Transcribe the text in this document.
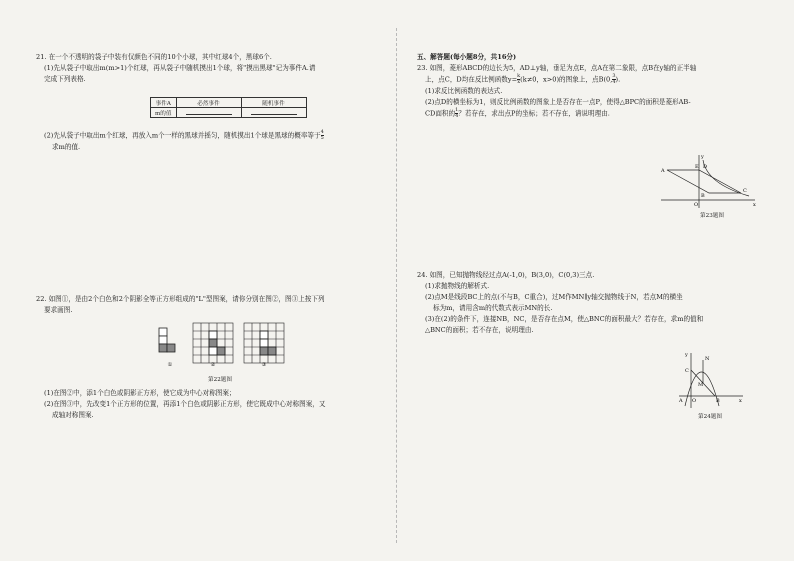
21. 在一个不透明的袋子中装有仅颜色不同的10个小球，其中红球4个，黑球6个.

(1)先从袋子中取出m(m>1)个红球，再从袋子中随机摸出1个球，将"摸出黑球"记为事件A.请

完成下列表格.

事件A	必然事件	随机事件
m的值		

(2)先从袋子中取出m个红球，再放入m个一样的黑球并摇匀，随机摸出1个球是黑球的概率等于 $\frac{4}{5}$

求m的值.

22. 如图①，是由2个白色和2个阴影全等正方形组成的"L"型图案，请你分别在图②，图③上按下列

要求画图.

①	②	③
第22题图

(1)在图②中，添1个白色或阴影正方形，使它成为中心对称图案；

(2)在图③中，先改变1个正方形的位置，再添1个白色或阴影正方形，使它既成中心对称图案，又

成轴对称图案.

五、解答题(每小题8分，共16分)

23. 如图，菱形ABCD的边长为5，AD⊥y轴，垂足为点E，点A在第二象限，点B在y轴的正半轴

上，点C，D均在反比例函数$y= \frac{k}{x} (k\ne 0$，x>0)的图象上，点B(0, $\frac{3}{4}$ ).

(1)求反比例函数的表达式.

(2)点D的横坐标为1，则反比例函数的图象上是否存在一点P，使得△BPC的面积是菱形AB-

CD面积的 $\frac{1}{4}$ ？若存在，求出点P的坐标；若不存在，请说明理由.

x
y
A
E D
B
C
O
第23题图

24. 如图，已知抛物线经过点A(-1,0)，B(3,0)，C(0,3)三点.

(1)求抛物线的解析式.

(2)点M是线段BC上的点(不与B，C重合)，过M作MN∥y轴交抛物线于N，若点M的横坐

标为m，请用含m的代数式表示MN的长.

(3)在(2)的条件下，连接NB，NC，是否存在点M，使△BNC的面积最大？若存在，求m的值和

△BNC的面积；若不存在，说明理由.

y
x
C
N
M
A O	B
第24题图
